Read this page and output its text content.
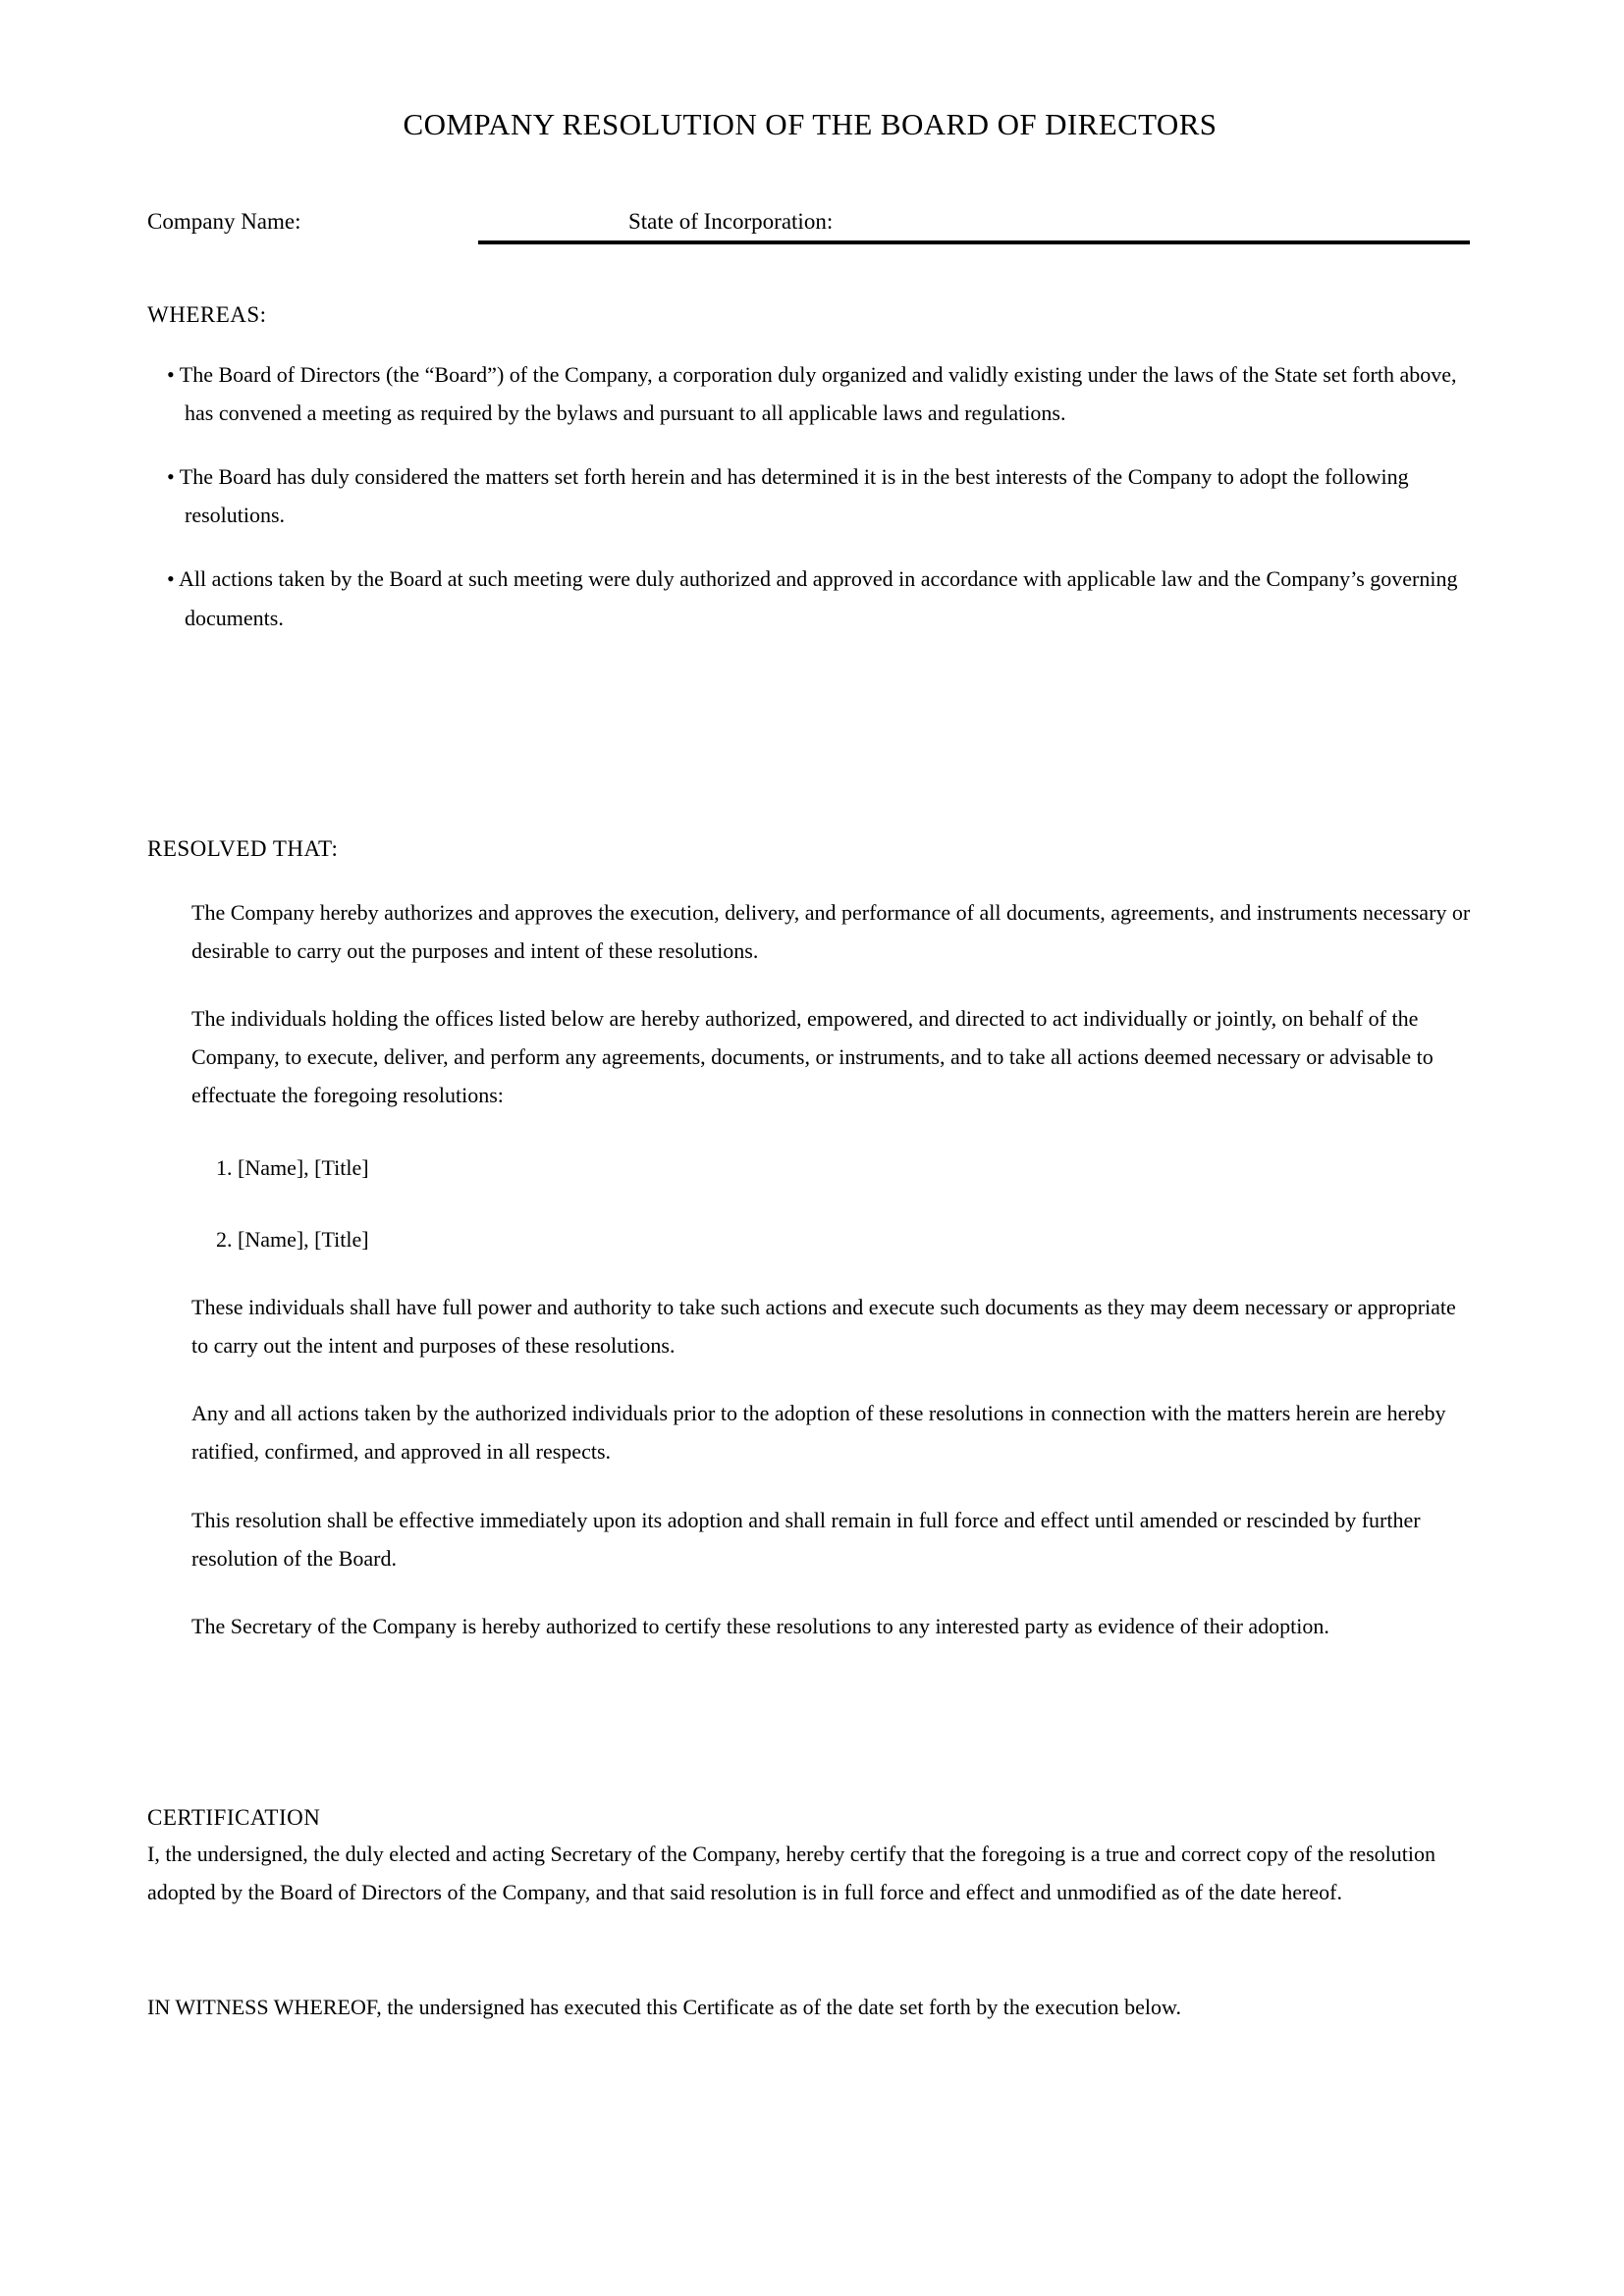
COMPANY RESOLUTION OF THE BOARD OF DIRECTORS
Company Name:	State of Incorporation:
WHEREAS:

• The Board of Directors (the “Board”) of the Company, a corporation duly organized and validly existing under the laws of the State set forth above, has convened a meeting as required by the bylaws and pursuant to all applicable laws and regulations.

• The Board has duly considered the matters set forth herein and has determined it is in the best interests of the Company to adopt the following resolutions.

• All actions taken by the Board at such meeting were duly authorized and approved in accordance with applicable law and the Company’s governing documents.

RESOLVED THAT:

The Company hereby authorizes and approves the execution, delivery, and performance of all documents, agreements, and instruments necessary or desirable to carry out the purposes and intent of these resolutions.

The individuals holding the offices listed below are hereby authorized, empowered, and directed to act individually or jointly, on behalf of the Company, to execute, deliver, and perform any agreements, documents, or instruments, and to take all actions deemed necessary or advisable to effectuate the foregoing resolutions:

1. [Name], [Title]

2. [Name], [Title]

These individuals shall have full power and authority to take such actions and execute such documents as they may deem necessary or appropriate to carry out the intent and purposes of these resolutions.

Any and all actions taken by the authorized individuals prior to the adoption of these resolutions in connection with the matters herein are hereby ratified, confirmed, and approved in all respects.

This resolution shall be effective immediately upon its adoption and shall remain in full force and effect until amended or rescinded by further resolution of the Board.

The Secretary of the Company is hereby authorized to certify these resolutions to any interested party as evidence of their adoption.

CERTIFICATION

I, the undersigned, the duly elected and acting Secretary of the Company, hereby certify that the foregoing is a true and correct copy of the resolution adopted by the Board of Directors of the Company, and that said resolution is in full force and effect and unmodified as of the date hereof.

IN WITNESS WHEREOF, the undersigned has executed this Certificate as of the date set forth by the execution below.
